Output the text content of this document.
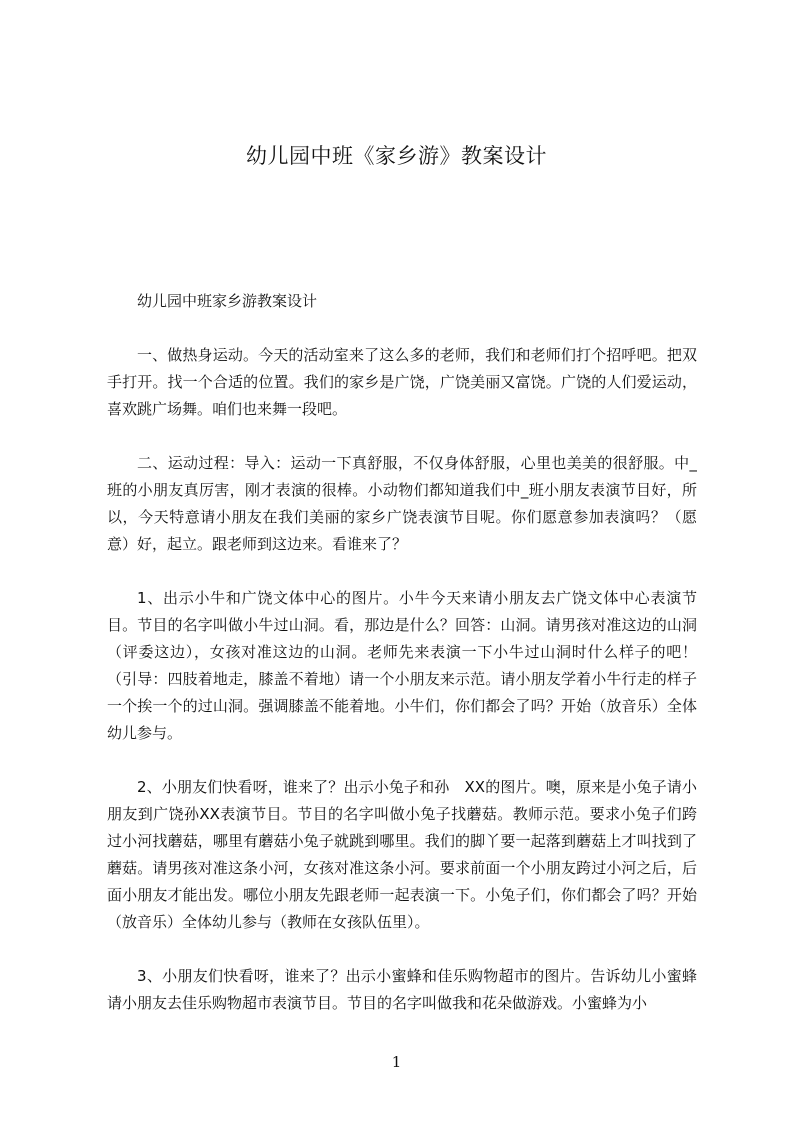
幼儿园中班《家乡游》教案设计

幼儿园中班家乡游教案设计

一、做热身运动。今天的活动室来了这么多的老师，我们和老师们打个招呼吧。把双手打开。找一个合适的位置。我们的家乡是广饶，广饶美丽又富饶。广饶的人们爱运动，喜欢跳广场舞。咱们也来舞一段吧。

二、运动过程：导入：运动一下真舒服，不仅身体舒服，心里也美美的很舒服。中_班的小朋友真厉害，刚才表演的很棒。小动物们都知道我们中_班小朋友表演节目好，所以，今天特意请小朋友在我们美丽的家乡广饶表演节目呢。你们愿意参加表演吗？（愿意）好，起立。跟老师到这边来。看谁来了？

1、出示小牛和广饶文体中心的图片。小牛今天来请小朋友去广饶文体中心表演节目。节目的名字叫做小牛过山洞。看，那边是什么？回答：山洞。请男孩对准这边的山洞（评委这边），女孩对准这边的山洞。老师先来表演一下小牛过山洞时什么样子的吧！（引导：四肢着地走，膝盖不着地）请一个小朋友来示范。请小朋友学着小牛行走的样子一个挨一个的过山洞。强调膝盖不能着地。小牛们，你们都会了吗？开始（放音乐）全体幼儿参与。

2、小朋友们快看呀，谁来了？出示小兔子和孙　XX的图片。噢，原来是小兔子请小朋友到广饶孙XX表演节目。节目的名字叫做小兔子找蘑菇。教师示范。要求小兔子们跨过小河找蘑菇，哪里有蘑菇小兔子就跳到哪里。我们的脚丫要一起落到蘑菇上才叫找到了蘑菇。请男孩对准这条小河，女孩对准这条小河。要求前面一个小朋友跨过小河之后，后面小朋友才能出发。哪位小朋友先跟老师一起表演一下。小兔子们，你们都会了吗？开始（放音乐）全体幼儿参与（教师在女孩队伍里）。

3、小朋友们快看呀，谁来了？出示小蜜蜂和佳乐购物超市的图片。告诉幼儿小蜜蜂请小朋友去佳乐购物超市表演节目。节目的名字叫做我和花朵做游戏。小蜜蜂为小

1
